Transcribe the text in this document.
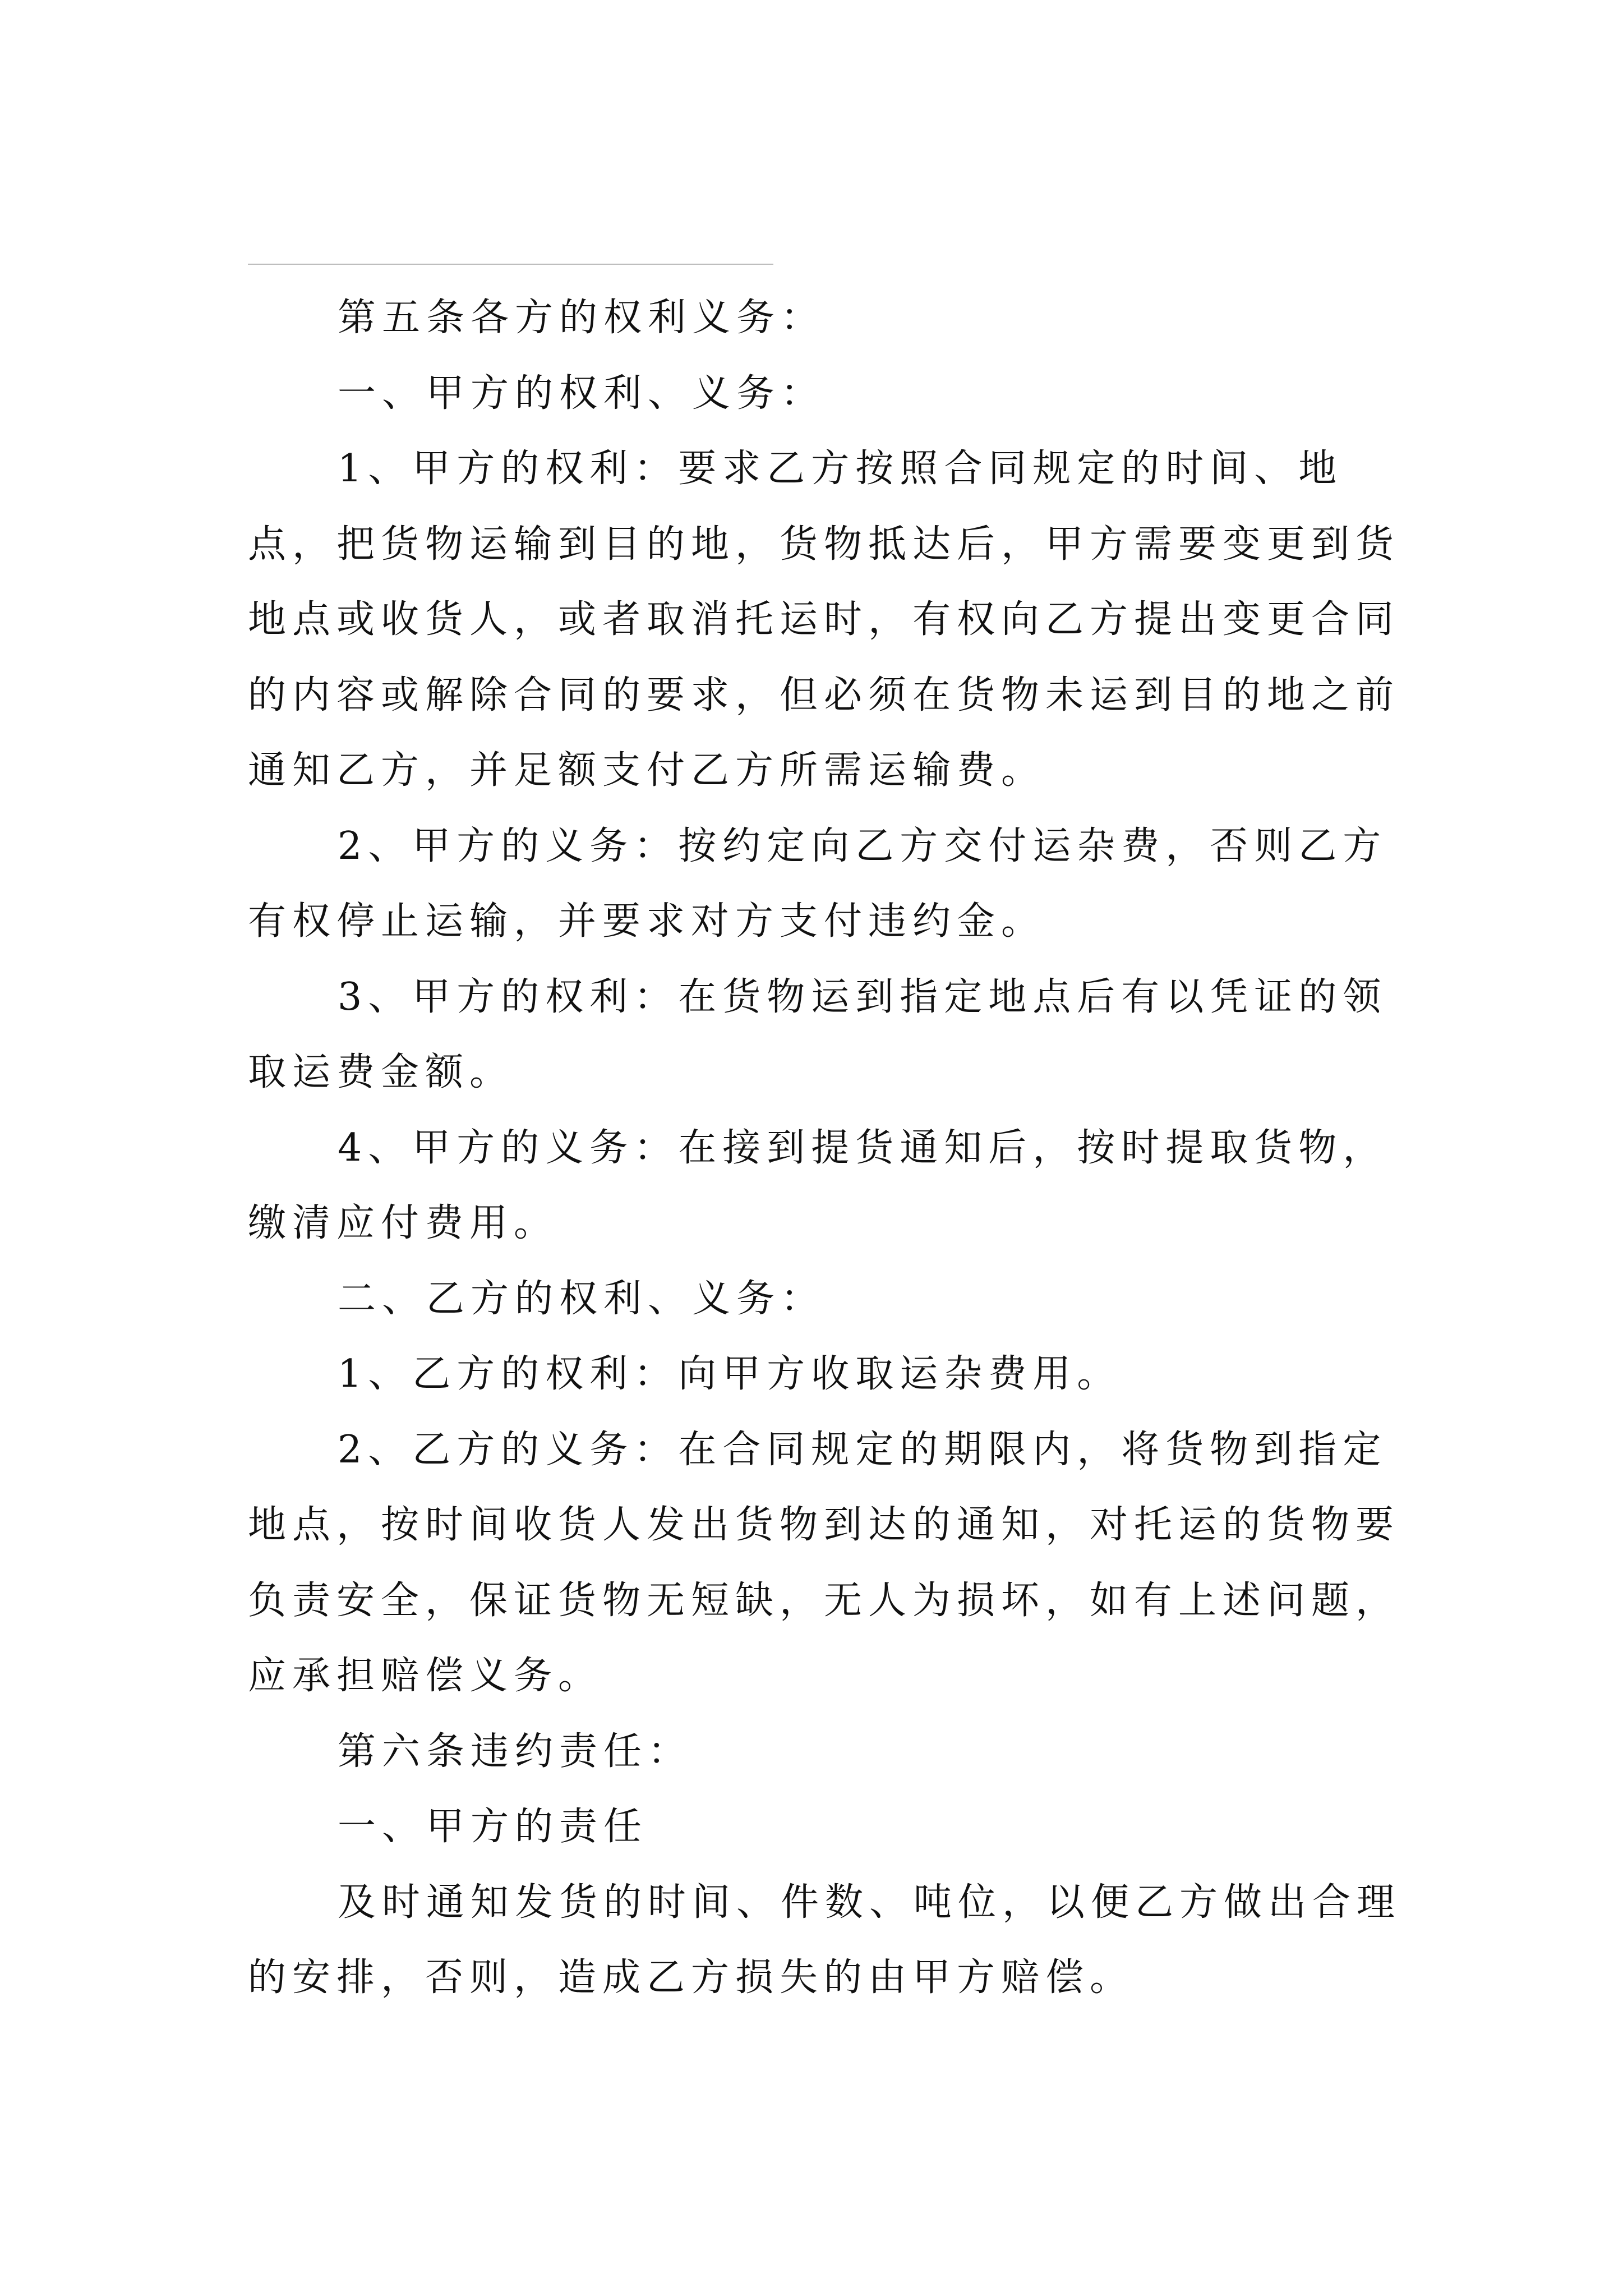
第五条各方的权利义务：

一、甲方的权利、义务：

1、甲方的权利：要求乙方按照合同规定的时间、地点，把货物运输到目的地，货物抵达后，甲方需要变更到货地点或收货人，或者取消托运时，有权向乙方提出变更合同的内容或解除合同的要求，但必须在货物未运到目的地之前通知乙方，并足额支付乙方所需运输费。

2、甲方的义务：按约定向乙方交付运杂费，否则乙方有权停止运输，并要求对方支付违约金。

3、甲方的权利：在货物运到指定地点后有以凭证的领取运费金额。

4、甲方的义务：在接到提货通知后，按时提取货物，缴清应付费用。

二、乙方的权利、义务：

1、乙方的权利：向甲方收取运杂费用。

2、乙方的义务：在合同规定的期限内，将货物到指定地点，按时间收货人发出货物到达的通知，对托运的货物要负责安全，保证货物无短缺，无人为损坏，如有上述问题，应承担赔偿义务。

第六条违约责任：

一、甲方的责任

及时通知发货的时间、件数、吨位，以便乙方做出合理的安排，否则，造成乙方损失的由甲方赔偿。
